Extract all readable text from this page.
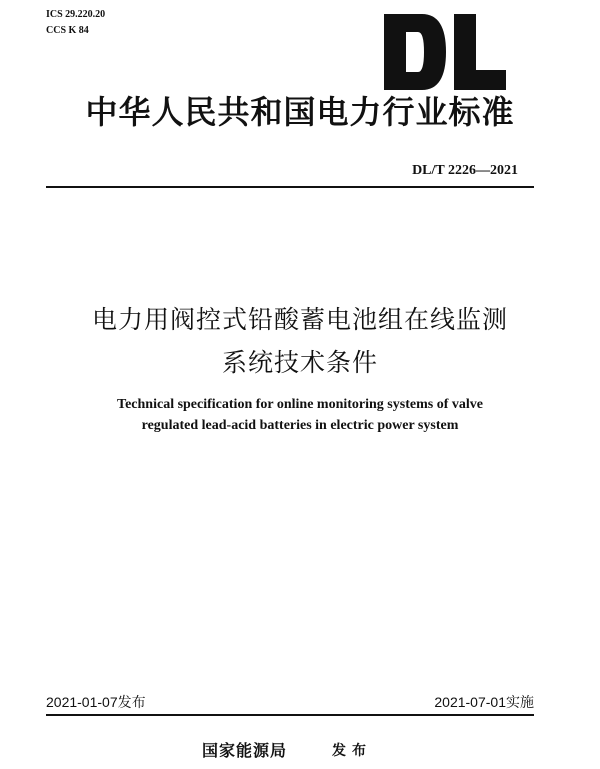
ICS 29.220.20
CCS K 84
中华人民共和国电力行业标准
DL/T 2226—2021
电力用阀控式铅酸蓄电池组在线监测
系统技术条件
Technical specification for online monitoring systems of valve
regulated lead-acid batteries in electric power system
2021-01-07发布	2021-07-01实施
国家能源局	发布
